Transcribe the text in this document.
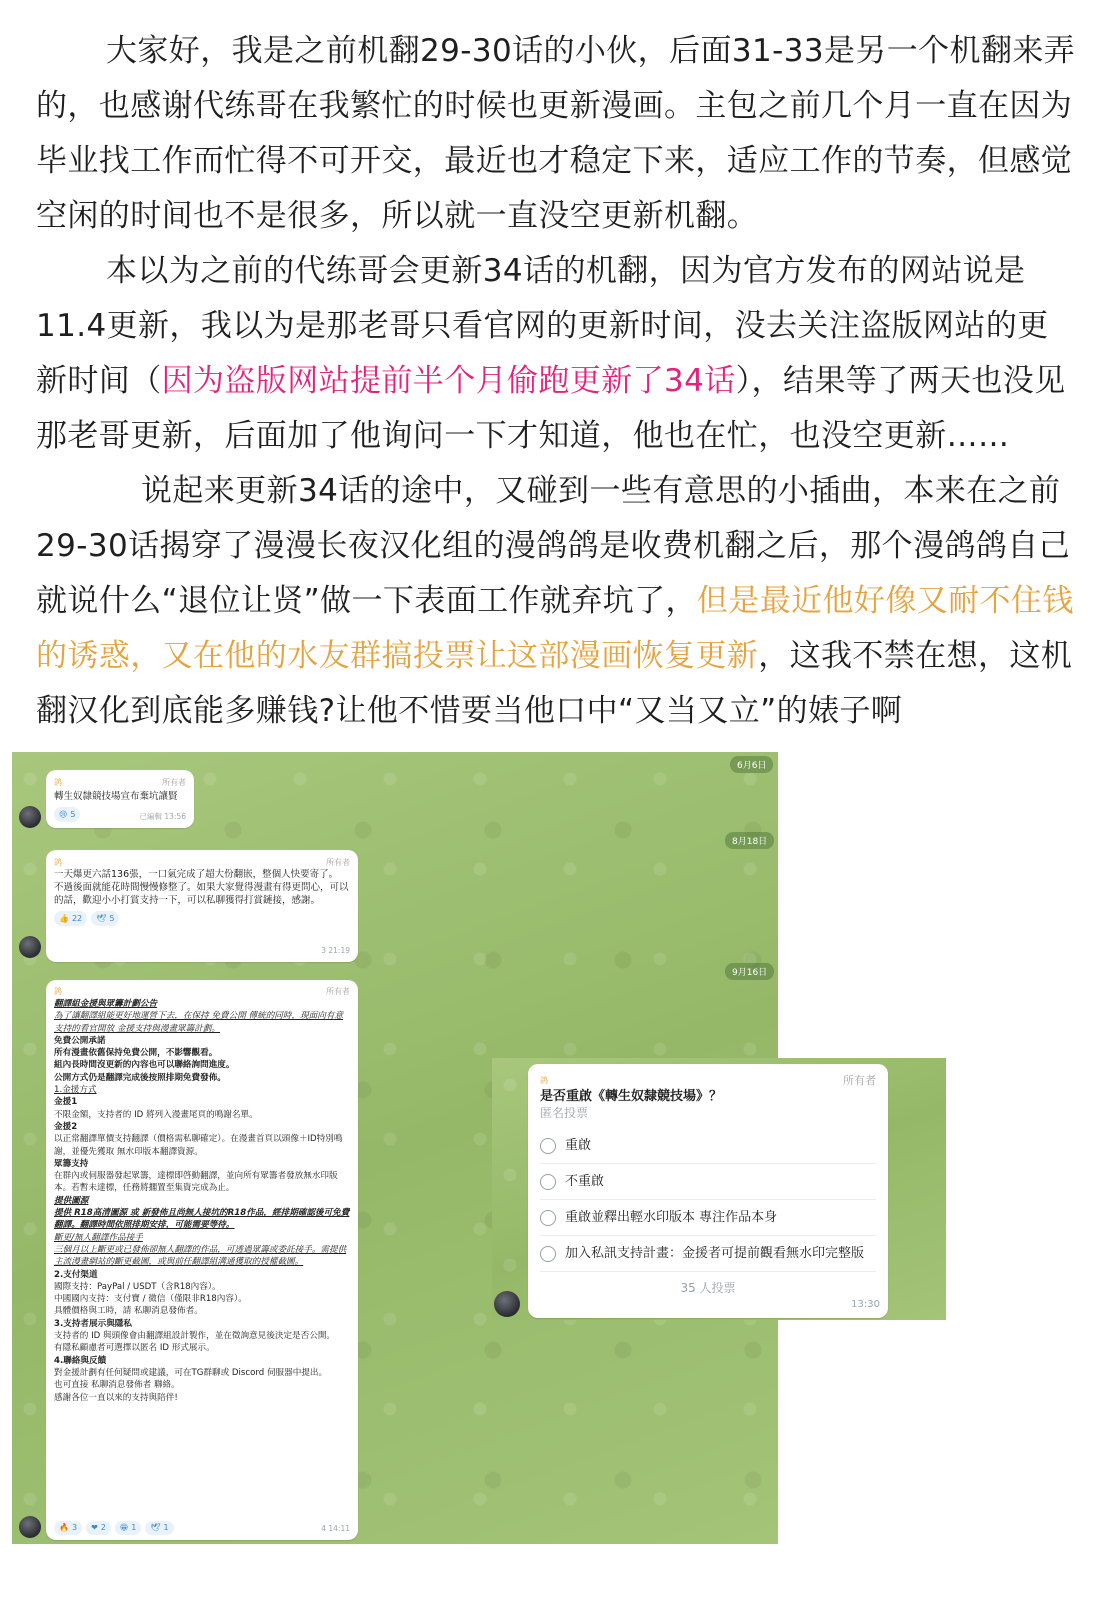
大家好，我是之前机翻29-30话的小伙，后面31-33是另一个机翻来弄的，也感谢代练哥在我繁忙的时候也更新漫画。主包之前几个月一直在因为毕业找工作而忙得不可开交，最近也才稳定下来，适应工作的节奏，但感觉空闲的时间也不是很多，所以就一直没空更新机翻。

本以为之前的代练哥会更新34话的机翻，因为官方发布的网站说是11.4更新，我以为是那老哥只看官网的更新时间，没去关注盗版网站的更新时间（因为盗版网站提前半个月偷跑更新了34话），结果等了两天也没见那老哥更新，后面加了他询问一下才知道，他也在忙，也没空更新……

说起来更新34话的途中，又碰到一些有意思的小插曲，本来在之前29-30话揭穿了漫漫长夜汉化组的漫鸽鸽是收费机翻之后，那个漫鸽鸽自己就说什么“退位让贤”做一下表面工作就弃坑了，但是最近他好像又耐不住钱的诱惑，又在他的水友群搞投票让这部漫画恢复更新，这我不禁在想，这机翻汉化到底能多赚钱?让他不惜要当他口中“又当又立”的婊子啊

6月6日
8月18日
9月16日
鸽	所有者
轉生奴隸競技場宣布棄坑讓賢
😢 5	已編輯 13:56
鸽	所有者
一天爆更六話136張，一口氣完成了超大份翻嵌，整個人快要寄了。
不過後面就能花時間慢慢修整了。如果大家覺得漫畫有得更問心，可以的話，歡迎小小打賞支持一下，可以私聊獲得打賞鏈接，感謝。
👍 22 🕊 5
3 21:19
鸽	所有者
翻譯組金援與眾籌計劃公告
為了讓翻譯組能更好地運營下去，在保持 免費公開 傳統的同時，現面向有意支持的看官開放 金援支持與漫畫眾籌計劃。
免費公開承諾
所有漫畫依舊保持免費公開，不影響觀看。
組內長時間沒更新的內容也可以聯絡詢問進度。
公開方式仍是翻譯完成後按照排期免費發佈。
1.金援方式
金援1
不限金額，支持者的 ID 將列入漫畫尾頁的鳴謝名單。
金援2
以正常翻譯單價支持翻譯（價格需私聊確定）。在漫畫首頁以頭像＋ID特別鳴謝，並優先獲取 無水印版本翻譯資源。
眾籌支持
在群內或伺服器發起眾籌，達標即啓動翻譯，並向所有眾籌者發放無水印版本。若暫未達標，任務將擱置至集資完成為止。
提供圖源
提供 R18高清圖源 或 新發佈且尚無人接坑的R18作品，經排期確認後可免費翻譯。翻譯時間依照排期安排，可能需要等待。
斷更/無人翻譯作品接手
三個月以上斷更或已發佈卻無人翻譯的作品，可透過眾籌或委託接手。需提供主流漫畫網站的斷更截圖，或與前任翻譯組溝通獲取的授權截圖。
2.支付渠道
國際支持：PayPal / USDT（含R18內容）。
中國國內支持：支付寶 / 微信（僅限非R18內容）。
具體價格與工時，請 私聊消息發佈者。
3.支持者展示與隱私
支持者的 ID 與頭像會由翻譯組設計製作，並在徵詢意見後決定是否公開。
有隱私顧慮者可選擇以匿名 ID 形式展示。
4.聯絡與反饋
對金援計劃有任何疑問或建議，可在TG群聊或 Discord 伺服器中提出。
也可直接 私聊消息發佈者 聯絡。
感謝各位一直以來的支持與陪伴!
🔥 3 ❤ 2 😁 1 🕊 1	4 14:11
鸽	所有者
是否重啟《轉生奴隸競技場》？
匿名投票
重啟
不重啟
重啟並釋出輕水印版本 專注作品本身
加入私訊支持計畫：金援者可提前觀看無水印完整版
35 人投票
13:30
